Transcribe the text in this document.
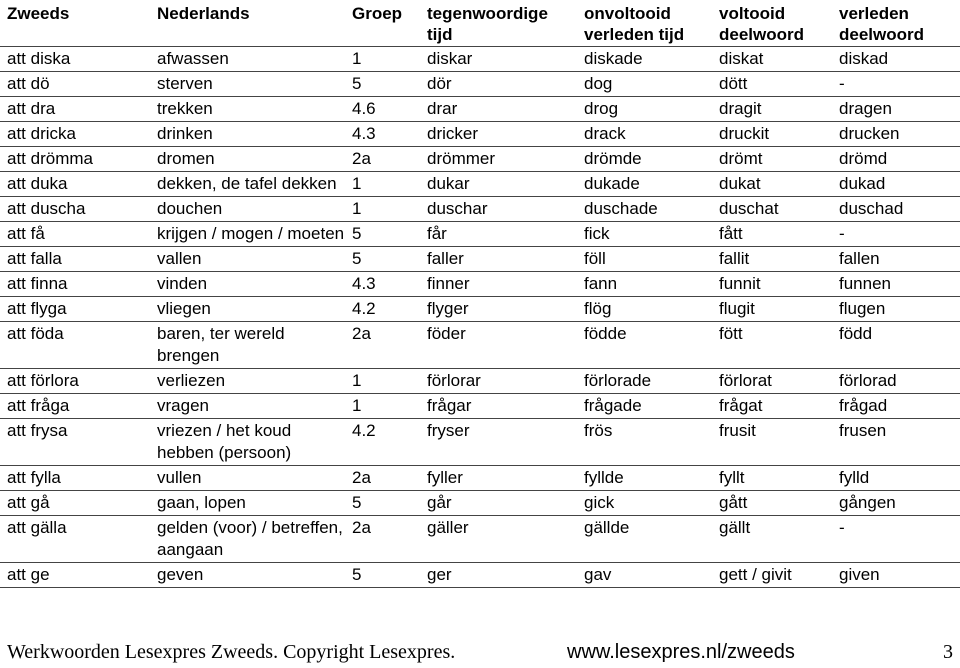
Zweeds	Nederlands	Groep	tegenwoordige tijd	onvoltooid verleden tijd	voltooid deelwoord	verleden deelwoord
att diska	afwassen	1	diskar	diskade	diskat	diskad
att dö	sterven	5	dör	dog	dött	-
att dra	trekken	4.6	drar	drog	dragit	dragen
att dricka	drinken	4.3	dricker	drack	druckit	drucken
att drömma	dromen	2a	drömmer	drömde	drömt	drömd
att duka	dekken, de tafel dekken	1	dukar	dukade	dukat	dukad
att duscha	douchen	1	duschar	duschade	duschat	duschad
att få	krijgen / mogen / moeten	5	får	fick	fått	-
att falla	vallen	5	faller	föll	fallit	fallen
att finna	vinden	4.3	finner	fann	funnit	funnen
att flyga	vliegen	4.2	flyger	flög	flugit	flugen
att föda	baren, ter wereld brengen	2a	föder	födde	fött	född
att förlora	verliezen	1	förlorar	förlorade	förlorat	förlorad
att fråga	vragen	1	frågar	frågade	frågat	frågad
att frysa	vriezen / het koud hebben (persoon)	4.2	fryser	frös	frusit	frusen
att fylla	vullen	2a	fyller	fyllde	fyllt	fylld
att gå	gaan, lopen	5	går	gick	gått	gången
att gälla	gelden (voor) / betreffen, aangaan	2a	gäller	gällde	gällt	-
att ge	geven	5	ger	gav	gett / givit	given
Werkwoorden Lesexpres Zweeds. Copyright Lesexpres.	www.lesexpres.nl/zweeds	3
